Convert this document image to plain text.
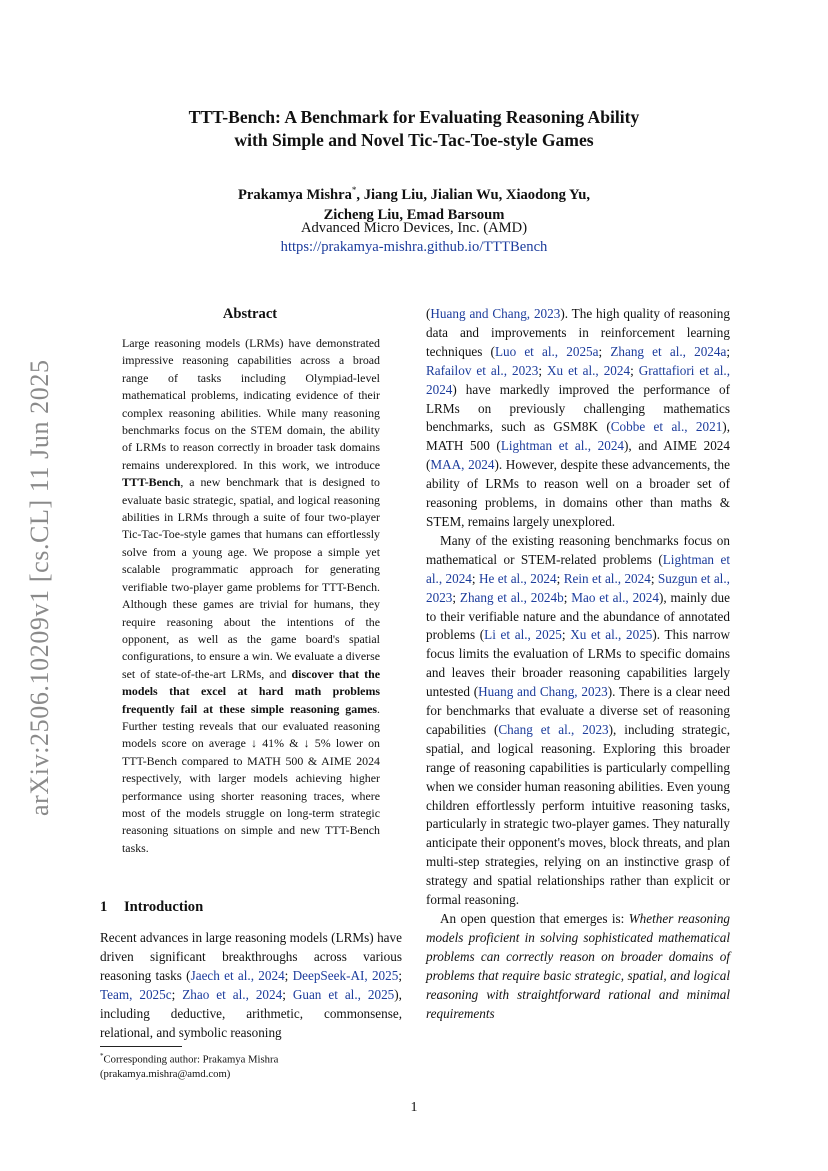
arXiv:2506.10209v1 [cs.CL] 11 Jun 2025
TTT-Bench: A Benchmark for Evaluating Reasoning Ability
with Simple and Novel Tic-Tac-Toe-style Games
Prakamya Mishra*, Jiang Liu, Jialian Wu, Xiaodong Yu,
Zicheng Liu, Emad Barsoum
Advanced Micro Devices, Inc. (AMD)
https://prakamya-mishra.github.io/TTTBench
Abstract
Large reasoning models (LRMs) have demonstrated impressive reasoning capabilities across a broad range of tasks including Olympiad-level mathematical problems, indicating evidence of their complex reasoning abilities. While many reasoning benchmarks focus on the STEM domain, the ability of LRMs to reason correctly in broader task domains remains underexplored. In this work, we introduce TTT-Bench, a new benchmark that is designed to evaluate basic strategic, spatial, and logical reasoning abilities in LRMs through a suite of four two-player Tic-Tac-Toe-style games that humans can effortlessly solve from a young age. We propose a simple yet scalable programmatic approach for generating verifiable two-player game problems for TTT-Bench. Although these games are trivial for humans, they require reasoning about the intentions of the opponent, as well as the game board's spatial configurations, to ensure a win. We evaluate a diverse set of state-of-the-art LRMs, and discover that the models that excel at hard math problems frequently fail at these simple reasoning games. Further testing reveals that our evaluated reasoning models score on average ↓ 41% & ↓ 5% lower on TTT-Bench compared to MATH 500 & AIME 2024 respectively, with larger models achieving higher performance using shorter reasoning traces, where most of the models struggle on long-term strategic reasoning situations on simple and new TTT-Bench tasks.
1 Introduction
Recent advances in large reasoning models (LRMs) have driven significant breakthroughs across various reasoning tasks (Jaech et al., 2024; DeepSeek-AI, 2025; Team, 2025c; Zhao et al., 2024; Guan et al., 2025), including deductive, arithmetic, commonsense, relational, and symbolic reasoning
*Corresponding author: Prakamya Mishra
(prakamya.mishra@amd.com)

(Huang and Chang, 2023). The high quality of reasoning data and improvements in reinforcement learning techniques (Luo et al., 2025a; Zhang et al., 2024a; Rafailov et al., 2023; Xu et al., 2024; Grattafiori et al., 2024) have markedly improved the performance of LRMs on previously challenging mathematics benchmarks, such as GSM8K (Cobbe et al., 2021), MATH 500 (Lightman et al., 2024), and AIME 2024 (MAA, 2024). However, despite these advancements, the ability of LRMs to reason well on a broader set of reasoning problems, in domains other than maths & STEM, remains largely unexplored.

Many of the existing reasoning benchmarks focus on mathematical or STEM-related problems (Lightman et al., 2024; He et al., 2024; Rein et al., 2024; Suzgun et al., 2023; Zhang et al., 2024b; Mao et al., 2024), mainly due to their verifiable nature and the abundance of annotated problems (Li et al., 2025; Xu et al., 2025). This narrow focus limits the evaluation of LRMs to specific domains and leaves their broader reasoning capabilities largely untested (Huang and Chang, 2023). There is a clear need for benchmarks that evaluate a diverse set of reasoning capabilities (Chang et al., 2023), including strategic, spatial, and logical reasoning. Exploring this broader range of reasoning capabilities is particularly compelling when we consider human reasoning abilities. Even young children effortlessly perform intuitive reasoning tasks, particularly in strategic two-player games. They naturally anticipate their opponent's moves, block threats, and plan multi-step strategies, relying on an instinctive grasp of strategy and spatial relationships rather than explicit or formal reasoning.

An open question that emerges is: Whether reasoning models proficient in solving sophisticated mathematical problems can correctly reason on broader domains of problems that require basic strategic, spatial, and logical reasoning with straightforward rational and minimal requirements

1
